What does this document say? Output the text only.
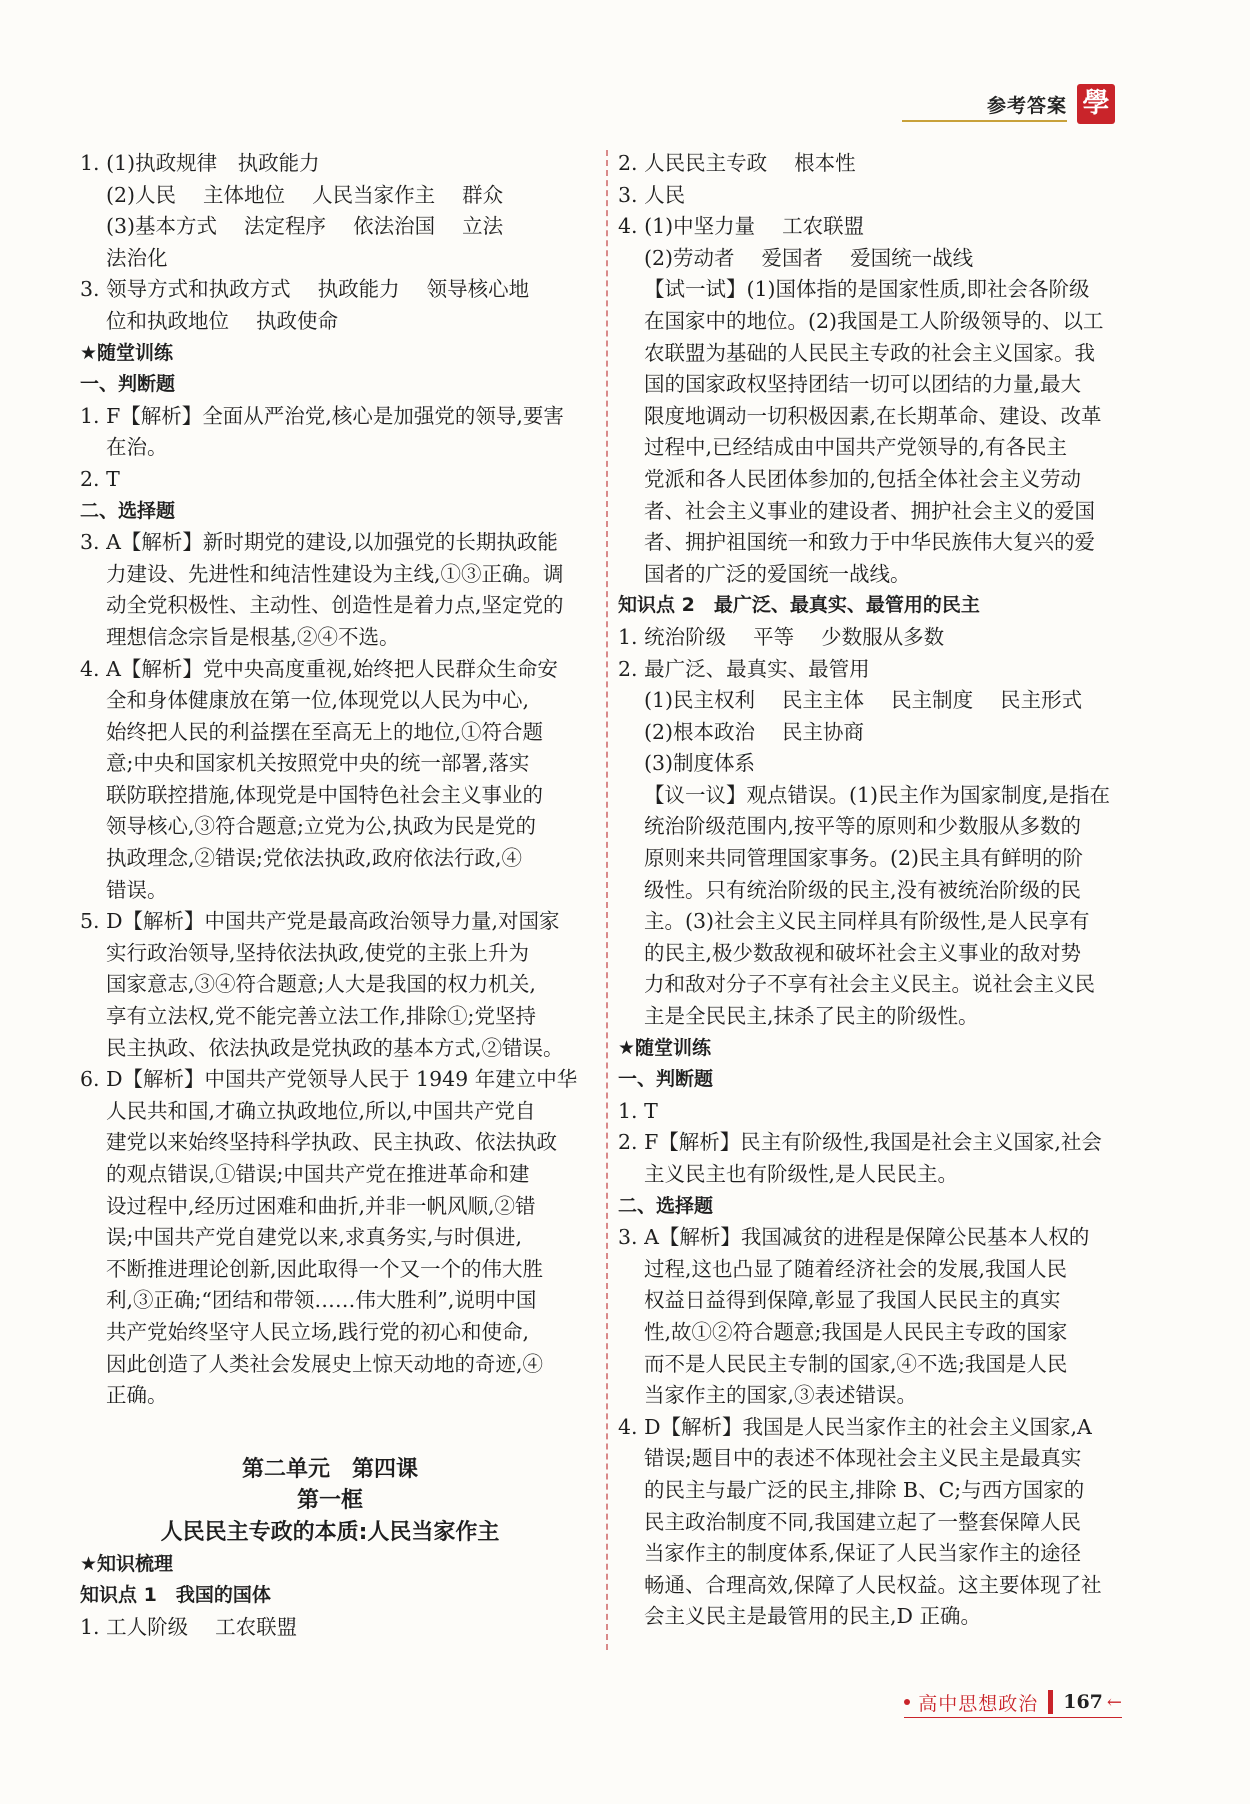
参考答案 學
1. (1)执政规律　执政能力
(2)人民　 主体地位　 人民当家作主　 群众
(3)基本方式　 法定程序　 依法治国　 立法
法治化
3. 领导方式和执政方式　 执政能力　 领导核心地
位和执政地位　 执政使命
★随堂训练
一、判断题
1. F【解析】全面从严治党,核心是加强党的领导,要害
在治。
2. T
二、选择题
3. A【解析】新时期党的建设,以加强党的长期执政能
力建设、先进性和纯洁性建设为主线,①③正确。调
动全党积极性、主动性、创造性是着力点,坚定党的
理想信念宗旨是根基,②④不选。
4. A【解析】党中央高度重视,始终把人民群众生命安
全和身体健康放在第一位,体现党以人民为中心,
始终把人民的利益摆在至高无上的地位,①符合题
意;中央和国家机关按照党中央的统一部署,落实
联防联控措施,体现党是中国特色社会主义事业的
领导核心,③符合题意;立党为公,执政为民是党的
执政理念,②错误;党依法执政,政府依法行政,④
错误。
5. D【解析】中国共产党是最高政治领导力量,对国家
实行政治领导,坚持依法执政,使党的主张上升为
国家意志,③④符合题意;人大是我国的权力机关,
享有立法权,党不能完善立法工作,排除①;党坚持
民主执政、依法执政是党执政的基本方式,②错误。
6. D【解析】中国共产党领导人民于 1949 年建立中华
人民共和国,才确立执政地位,所以,中国共产党自
建党以来始终坚持科学执政、民主执政、依法执政
的观点错误,①错误;中国共产党在推进革命和建
设过程中,经历过困难和曲折,并非一帆风顺,②错
误;中国共产党自建党以来,求真务实,与时俱进,
不断推进理论创新,因此取得一个又一个的伟大胜
利,③正确;“团结和带领……伟大胜利”,说明中国
共产党始终坚守人民立场,践行党的初心和使命,
因此创造了人类社会发展史上惊天动地的奇迹,④
正确。
第二单元　第四课
第一框
人民民主专政的本质:人民当家作主
★知识梳理
知识点 1　我国的国体
1. 工人阶级　 工农联盟
2. 人民民主专政　 根本性
3. 人民
4. (1)中坚力量　 工农联盟
(2)劳动者　 爱国者　 爱国统一战线
【试一试】(1)国体指的是国家性质,即社会各阶级
在国家中的地位。(2)我国是工人阶级领导的、以工
农联盟为基础的人民民主专政的社会主义国家。我
国的国家政权坚持团结一切可以团结的力量,最大
限度地调动一切积极因素,在长期革命、建设、改革
过程中,已经结成由中国共产党领导的,有各民主
党派和各人民团体参加的,包括全体社会主义劳动
者、社会主义事业的建设者、拥护社会主义的爱国
者、拥护祖国统一和致力于中华民族伟大复兴的爱
国者的广泛的爱国统一战线。
知识点 2　最广泛、最真实、最管用的民主
1. 统治阶级　 平等　 少数服从多数
2. 最广泛、最真实、最管用
(1)民主权利　 民主主体　 民主制度　 民主形式
(2)根本政治　 民主协商
(3)制度体系
【议一议】观点错误。(1)民主作为国家制度,是指在
统治阶级范围内,按平等的原则和少数服从多数的
原则来共同管理国家事务。(2)民主具有鲜明的阶
级性。只有统治阶级的民主,没有被统治阶级的民
主。(3)社会主义民主同样具有阶级性,是人民享有
的民主,极少数敌视和破坏社会主义事业的敌对势
力和敌对分子不享有社会主义民主。说社会主义民
主是全民民主,抹杀了民主的阶级性。
★随堂训练
一、判断题
1. T
2. F【解析】民主有阶级性,我国是社会主义国家,社会
主义民主也有阶级性,是人民民主。
二、选择题
3. A【解析】我国减贫的进程是保障公民基本人权的
过程,这也凸显了随着经济社会的发展,我国人民
权益日益得到保障,彰显了我国人民民主的真实
性,故①②符合题意;我国是人民民主专政的国家
而不是人民民主专制的国家,④不选;我国是人民
当家作主的国家,③表述错误。
4. D【解析】我国是人民当家作主的社会主义国家,A
错误;题目中的表述不体现社会主义民主是最真实
的民主与最广泛的民主,排除 B、C;与西方国家的
民主政治制度不同,我国建立起了一整套保障人民
当家作主的制度体系,保证了人民当家作主的途径
畅通、合理高效,保障了人民权益。这主要体现了社
会主义民主是最管用的民主,D 正确。
高中思想政治 167 ←
